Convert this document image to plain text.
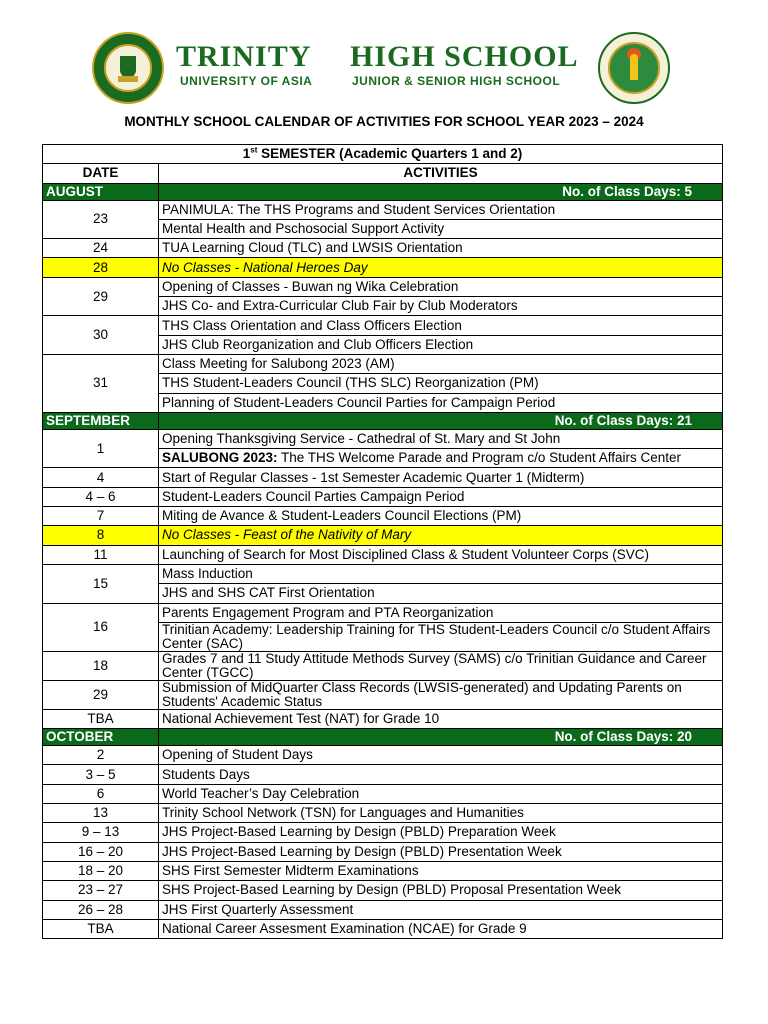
TRINITY
UNIVERSITY OF ASIA
HIGH SCHOOL
JUNIOR & SENIOR HIGH SCHOOL
MONTHLY SCHOOL CALENDAR OF ACTIVITIES FOR SCHOOL YEAR 2023 – 2024
1st SEMESTER (Academic Quarters 1 and 2)	
DATE	ACTIVITIES
AUGUST	No. of Class Days: 5
23	PANIMULA: The THS Programs and Student Services Orientation
	Mental Health and Pschosocial Support Activity
24	TUA Learning Cloud (TLC) and LWSIS Orientation
28	No Classes - National Heroes Day
29	Opening of Classes - Buwan ng Wika Celebration
	JHS Co- and Extra-Curricular Club Fair by Club Moderators
30	THS Class Orientation and Class Officers Election
	JHS Club Reorganization and Club Officers Election
31	Class Meeting for Salubong 2023 (AM)
	THS Student-Leaders Council (THS SLC) Reorganization (PM)
	Planning of Student-Leaders Council Parties for Campaign Period
SEPTEMBER	No. of Class Days: 21
1	Opening Thanksgiving Service - Cathedral of St. Mary and St John
	SALUBONG 2023: The THS Welcome Parade and Program c/o Student Affairs Center
4	Start of Regular Classes - 1st Semester Academic Quarter 1 (Midterm)
4 – 6	Student-Leaders Council Parties Campaign Period
7	Miting de Avance & Student-Leaders Council Elections (PM)
8	No Classes - Feast of the Nativity of Mary
11	Launching of Search for Most Disciplined Class & Student Volunteer Corps (SVC)
15	Mass Induction
	JHS and SHS CAT First Orientation
16	Parents Engagement Program and PTA Reorganization
	Trinitian Academy: Leadership Training for THS Student-Leaders Council c/o Student Affairs Center (SAC)
18	Grades 7 and 11 Study Attitude Methods Survey (SAMS) c/o Trinitian Guidance and Career Center (TGCC)
29	Submission of MidQuarter Class Records (LWSIS-generated) and Updating Parents on Students' Academic Status
TBA	National Achievement Test (NAT) for Grade 10
OCTOBER	No. of Class Days: 20
2	Opening of Student Days
3 – 5	Students Days
6	World Teacher’s Day Celebration
13	Trinity School Network (TSN) for Languages and Humanities
9 – 13	JHS Project-Based Learning by Design (PBLD) Preparation Week
16 – 20	JHS Project-Based Learning by Design (PBLD) Presentation Week
18 – 20	SHS First Semester Midterm Examinations
23 – 27	SHS Project-Based Learning by Design (PBLD) Proposal Presentation Week
26 – 28	JHS First Quarterly Assessment
TBA	National Career Assesment Examination (NCAE) for Grade 9
